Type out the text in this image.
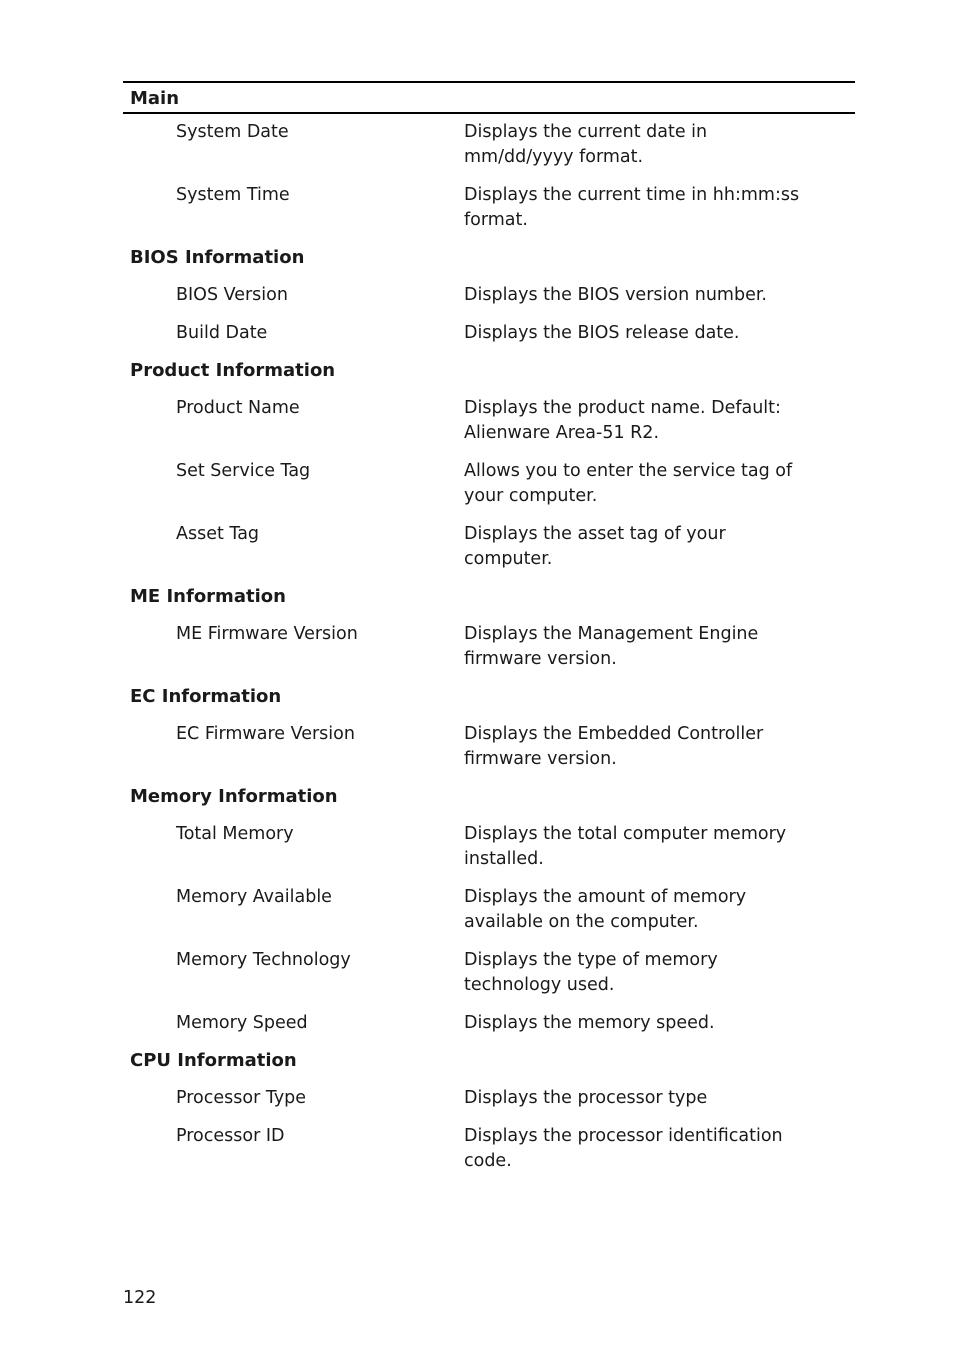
Main
System Date	Displays the current date in mm/dd/yyyy format.
System Time	Displays the current time in hh:mm:ss format.
BIOS Information
BIOS Version	Displays the BIOS version number.
Build Date	Displays the BIOS release date.
Product Information
Product Name	Displays the product name. Default: Alienware Area-51 R2.
Set Service Tag	Allows you to enter the service tag of your computer.
Asset Tag	Displays the asset tag of your computer.
ME Information
ME Firmware Version	Displays the Management Engine firmware version.
EC Information
EC Firmware Version	Displays the Embedded Controller firmware version.
Memory Information
Total Memory	Displays the total computer memory installed.
Memory Available	Displays the amount of memory available on the computer.
Memory Technology	Displays the type of memory technology used.
Memory Speed	Displays the memory speed.
CPU Information
Processor Type	Displays the processor type
Processor ID	Displays the processor identification code.
122
